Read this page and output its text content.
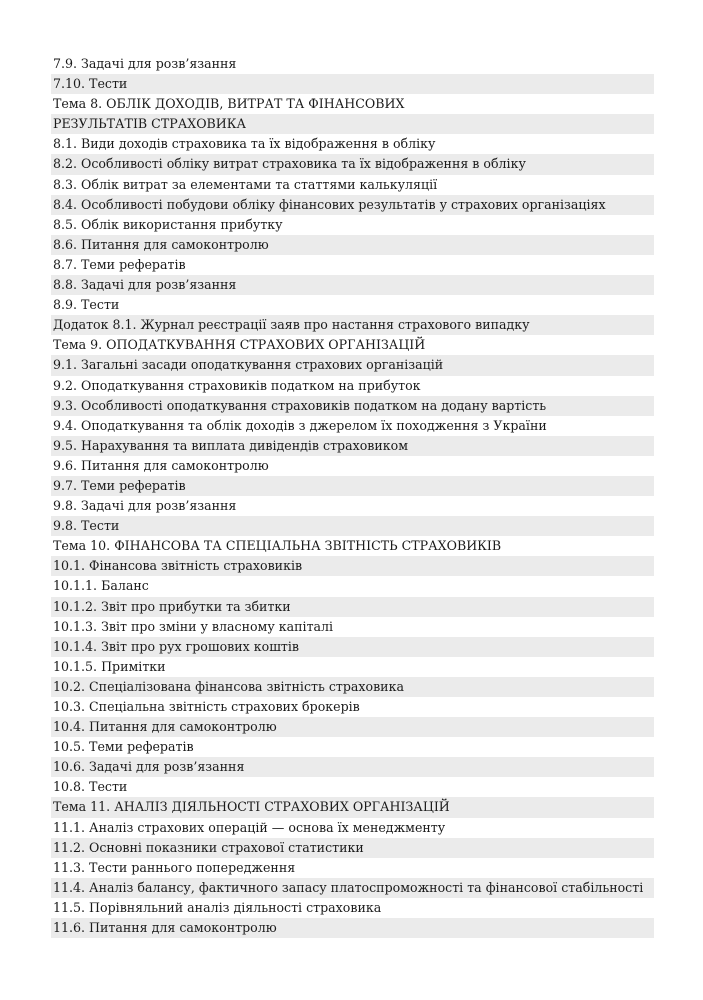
7.9. Задачі для розв’язання
7.10. Тести
Тема 8. ОБЛІК ДОХОДІВ, ВИТРАТ ТА ФІНАНСОВИХ
РЕЗУЛЬТАТІВ СТРАХОВИКА
8.1. Види доходів страховика та їх відображення в обліку
8.2. Особливості обліку витрат страховика та їх відображення в обліку
8.3. Облік витрат за елементами та статтями калькуляції
8.4. Особливості побудови обліку фінансових результатів у страхових організаціях
8.5. Облік використання прибутку
8.6. Питання для самоконтролю
8.7. Теми рефератів
8.8. Задачі для розв’язання
8.9. Тести
Додаток 8.1. Журнал реєстрації заяв про настання страхового випадку
Тема 9. ОПОДАТКУВАННЯ СТРАХОВИХ ОРГАНІЗАЦІЙ
9.1. Загальні засади оподаткування страхових організацій
9.2. Оподаткування страховиків податком на прибуток
9.3. Особливості оподаткування страховиків податком на додану вартість
9.4. Оподаткування та облік доходів з джерелом їх походження з України
9.5. Нарахування та виплата дивідендів страховиком
9.6. Питання для самоконтролю
9.7. Теми рефератів
9.8. Задачі для розв’язання
9.8. Тести
Тема 10. ФІНАНСОВА ТА СПЕЦІАЛЬНА ЗВІТНІСТЬ СТРАХОВИКІВ
10.1. Фінансова звітність страховиків
10.1.1. Баланс
10.1.2. Звіт про прибутки та збитки
10.1.3. Звіт про зміни у власному капіталі
10.1.4. Звіт про рух грошових коштів
10.1.5. Примітки
10.2. Спеціалізована фінансова звітність страховика
10.3. Спеціальна звітність страхових брокерів
10.4. Питання для самоконтролю
10.5. Теми рефератів
10.6. Задачі для розв’язання
10.8. Тести
Тема 11. АНАЛІЗ ДІЯЛЬНОСТІ СТРАХОВИХ ОРГАНІЗАЦІЙ
11.1. Аналіз страхових операцій — основа їх менеджменту
11.2. Основні показники страхової статистики
11.3. Тести раннього попередження
11.4. Аналіз балансу, фактичного запасу платоспроможності та фінансової стабільності
11.5. Порівняльний аналіз діяльності страховика
11.6. Питання для самоконтролю
